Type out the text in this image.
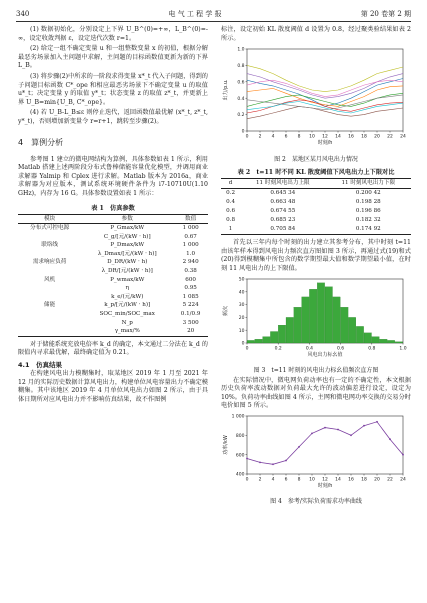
340	电 气 工 程 学 报	第 20 卷第 2 期

(1) 数据初始化，分别设定上下界 U_B^(0)=+∞，L_B^(0)=-∞，设定收敛判据 ε，设定迭代次数 r=1。

(2) 给定一组不确定变量 u 和一组整数变量 x 的初值，根据分解最恶劣场景加入主问题中求解，主问题的目标函数值更新为新的下界 L_B。

(3) 将步骤(2)中所求的一阶段求得变量 x*_t 代入子问题，得到的子问题目标函数 C*_ope 和相应最恶劣场景下不确定变量 u 的取值 u*_t；决定变量 y 的取值 y*_t；状态变量 z 的取值 z*_t，并更新上界 U_B=min{U_B, C*_ope}。

(4) 若 U_B-L_B≤ε 则停止迭代，返回函数值最优解 (x*_t, z*_t, y*_t)，否则增加新变量令 r=r+1，跳转至步骤(2)。

4　算例分析

参考图 1 建立的微电网结构为算例，具体参数如表 1 所示，利用 Matlab 搭建上述两阶段分布式鲁棒储能容量优化模型，并调用商业求解器 Yalmip 和 Cplex 进行求解。Matlab 版本为 2016a，商业求解器为对应版本，测试系统环境硬件条件为 i7-10710U(1.10 GHz)，内存为 16 G。具体参数设置如表 1 所示：

表 1　仿真参数
模块	参数	数值
分布式可控电源	P_Gmax/kW	1 000
	C_g/[元/(kW · h)]	0.67
联络线	P_Dmax/kW	1 000
	λ_Dmax/[元/(kW · h)]	1.0
需求响应负荷	D_DR/(kW · h)	2 940
	λ_DR/[元/(kW · h)]	0.38
风机	P_wmax/kW	600
	η	0.95
	k_e/(元/kW)	1 085
储能	k_p/[元/(kW · h)]	5 224
	SOC_min/SOC_max	0.1/0.9
	N_p	3 500
	γ_max/%	20

对于储能系统充放电倍率 k_d 的确定，本文通过二分法在 k_d 的限值内寻求最优解，最终确定值为 0.21。

4.1　仿真结果

在构建风电出力模糊集时，取某地区 2019 年 1 月至 2021 年 12 月的实际历史数据计算风电出力，构建单位风电容量出力不确定模糊集。其中该地区 2019 年 4 月单位风电出力如图 2 所示，由于具体日期所对应风电出力并不影响仿真结果，故不作图例

标注，设定初始 KL 散度阈值 d 设置为 0.8，经过聚类验结果如表 2 所示。

0 2 4 6 8 10 12 14 16 18 20 22 24
0
0.2
0.4
0.6
0.8
1.0
时刻/h
出力/p.u.
图 2　某地区某月风电出力情况
表 2　t=11 时不同 KL 散度阈值下风电出力上下限对比
d	11 时刻风电出力上限	11 时刻风电出力下限
0.2	0.645 34	0.200 42
0.4	0.663 48	0.198 28
0.6	0.674 55	0.196 86
0.8	0.685 23	0.182 32
1	0.705 84	0.174 92

首先以三年内每个时刻的出力建立其参考分布，其中时刻 t=11 由该年样本得到风电出力频次直方图如图 3 所示，再通过式(19)和式(20)得到模糊集中所包含的数学期望最大值和数学期望最小值，在时刻 11 风电出力的上下限值。

0	0.2	0.4	0.6	0.8	1.0
0
10
20
30
40
50
风电出力标幺值
频次
图 3　t=11 时刻的风电出力标幺值频次直方图

在实际情况中，微电网负荷动率也有一定的不确定性，本文根据历史负荷率波动数据对负荷最大允许的波动偏差进行设定，设定为 10%。负荷功率曲线如图 4 所示，主网和微电网功率交换的交易分时电价如图 5 所示。

0 2 4 6 8 10 12 14 16 18 20 22 24
400
600
800
1 000
时刻/h
功率/kW
图 4　参考/实际负荷需求功率曲线
